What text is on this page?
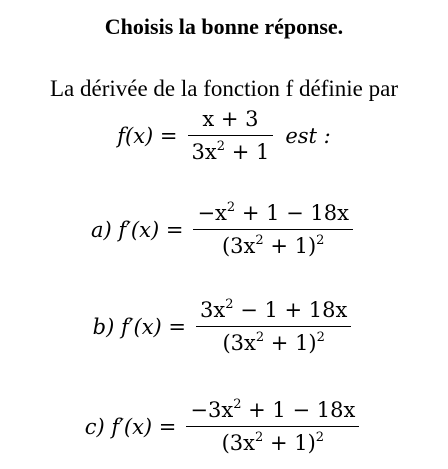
Choisis la bonne réponse.
La dérivée de la fonction f définie par
$f(x) = \frac{x + 3}{3x^2 + 1}$ est :
a) $f'(x) = \frac{-x^2 + 1 - 18x}{(3x^2 + 1)^2}$
b) $f'(x) = \frac{3x^2 - 1 + 18x}{(3x^2 + 1)^2}$
c) $f'(x) = \frac{-3x^2 + 1 - 18x}{(3x^2 + 1)^2}$
